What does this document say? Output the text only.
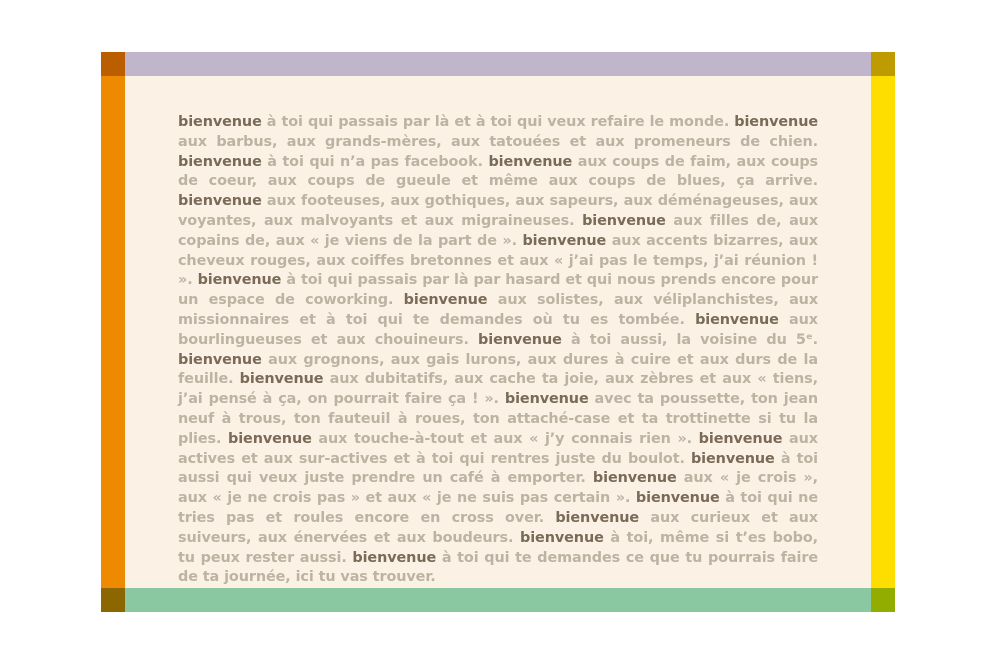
bienvenue à toi qui passais par là et à toi qui veux refaire le monde. bienvenue aux barbus, aux grands-mères, aux tatouées et aux promeneurs de chien. bienvenue à toi qui n’a pas facebook. bienvenue aux coups de faim, aux coups de coeur, aux coups de gueule et même aux coups de blues, ça arrive. bienvenue aux footeuses, aux gothiques, aux sapeurs, aux déménageuses, aux voyantes, aux malvoyants et aux migraineuses. bienvenue aux filles de, aux copains de, aux « je viens de la part de ». bienvenue aux accents bizarres, aux cheveux rouges, aux coiffes bretonnes et aux « j’ai pas le temps, j’ai réunion ! ». bienvenue à toi qui passais par là par hasard et qui nous prends encore pour un espace de coworking. bienvenue aux solistes, aux véliplanchistes, aux missionnaires et à toi qui te demandes où tu es tombée. bienvenue aux bourlingueuses et aux chouineurs. bienvenue à toi aussi, la voisine du 5ᵉ. bienvenue aux grognons, aux gais lurons, aux dures à cuire et aux durs de la feuille. bienvenue aux dubitatifs, aux cache ta joie, aux zèbres et aux « tiens, j’ai pensé à ça, on pourrait faire ça ! ». bienvenue avec ta poussette, ton jean neuf à trous, ton fauteuil à roues, ton attaché-case et ta trottinette si tu la plies. bienvenue aux touche-à-tout et aux « j’y connais rien ». bienvenue aux actives et aux sur-actives et à toi qui rentres juste du boulot. bienvenue à toi aussi qui veux juste prendre un café à emporter. bienvenue aux « je crois », aux « je ne crois pas » et aux « je ne suis pas certain ». bienvenue à toi qui ne tries pas et roules encore en cross over. bienvenue aux curieux et aux suiveurs, aux énervées et aux boudeurs. bienvenue à toi, même si t’es bobo, tu peux rester aussi. bienvenue à toi qui te demandes ce que tu pourrais faire de ta journée, ici tu vas trouver.
